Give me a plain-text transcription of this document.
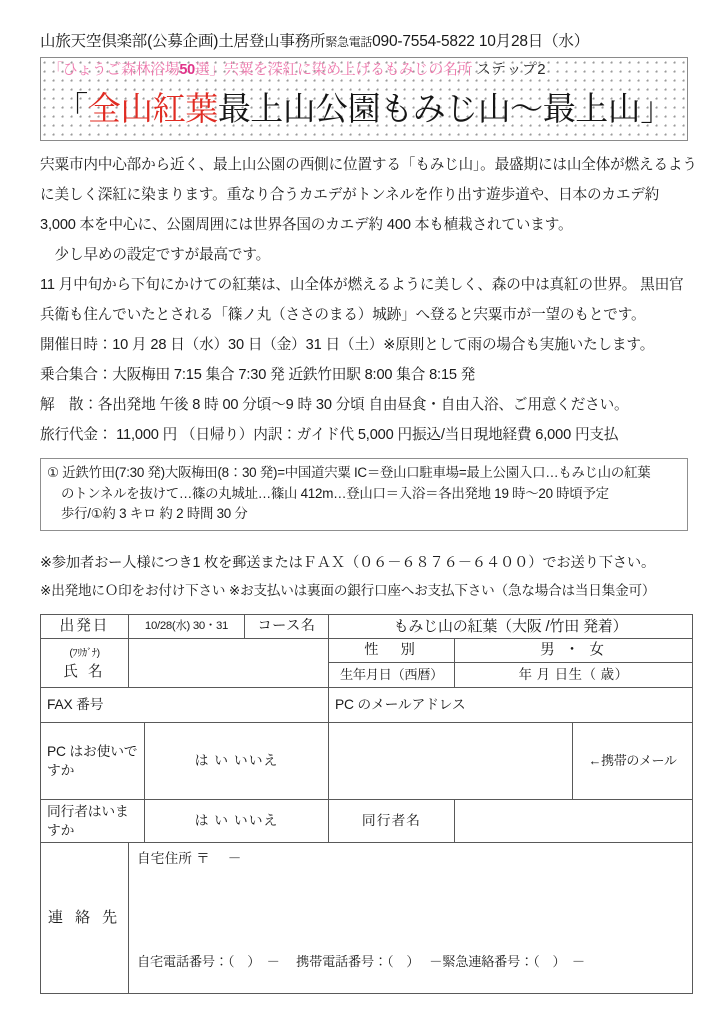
山旅天空倶楽部(公募企画)土居登山事務所緊急電話090-7554-5822 10月28日（水）
「ひょうご森林浴場50選」宍粟を深紅に染め上げるもみじの名所 ステップ2
「全山紅葉最上山公園もみじ山～最上山」

宍粟市内中心部から近く、最上山公園の西側に位置する「もみじ山」。最盛期には山全体が燃えるよう

に美しく深紅に染まります。重なり合うカエデがトンネルを作り出す遊歩道や、日本のカエデ約

3,000 本を中心に、公園周囲には世界各国のカエデ約 400 本も植栽されています。

少し早めの設定ですが最高です。

11 月中旬から下旬にかけての紅葉は、山全体が燃えるように美しく、森の中は真紅の世界。 黒田官

兵衛も住んでいたとされる「篠ノ丸（ささのまる）城跡」へ登ると宍粟市が一望のもとです。

開催日時：10 月 28 日（水）30 日（金）31 日（土）※原則として雨の場合も実施いたします。

乗合集合：大阪梅田 7:15 集合 7:30 発 近鉄竹田駅 8:00 集合 8:15 発

解　散：各出発地 午後 8 時 00 分頃～9 時 30 分頃 自由昼食・自由入浴、ご用意ください。

旅行代金： 11,000 円 （日帰り）内訳：ガイド代 5,000 円振込/当日現地経費 6,000 円支払

① 近鉄竹田(7:30 発)大阪梅田(8：30 発)=中国道宍粟 IC＝登山口駐車場=最上公園入口…もみじ山の紅葉
のトンネルを抜けて…篠の丸城址…篠山 412m…登山口＝入浴＝各出発地 19 時～20 時頃予定
歩行/①約 3 キロ 約 2 時間 30 分

※参加者おー人様につき1 枚を郵送またはＦＡＸ（０６－６８７６－６４００）でお送り下さい。

※出発地にＯ印をお付け下さい ※お支払いは裏面の銀行口座へお支払下さい（急な場合は当日集金可）

出発日	10/28(水) 30・31		コース名	もみじ山の紅葉（大阪 /竹田 発着）		

(ﾌﾘｶﾞﾅ)
氏 名				性　別	男 ・ 女	
				生年月日（西暦）	年 月 日生（ 歳）	
FAX 番号				PC のメールアドレス		
PC はお使いですか		は い いいえ				←携帯のメール
同行者はいますか		は い いいえ		同行者名		
連 絡 先	自宅住所 〒　 －
自宅電話番号：（　）　－　 携帯電話番号：（　）　 －緊急連絡番号：（　）　－					
